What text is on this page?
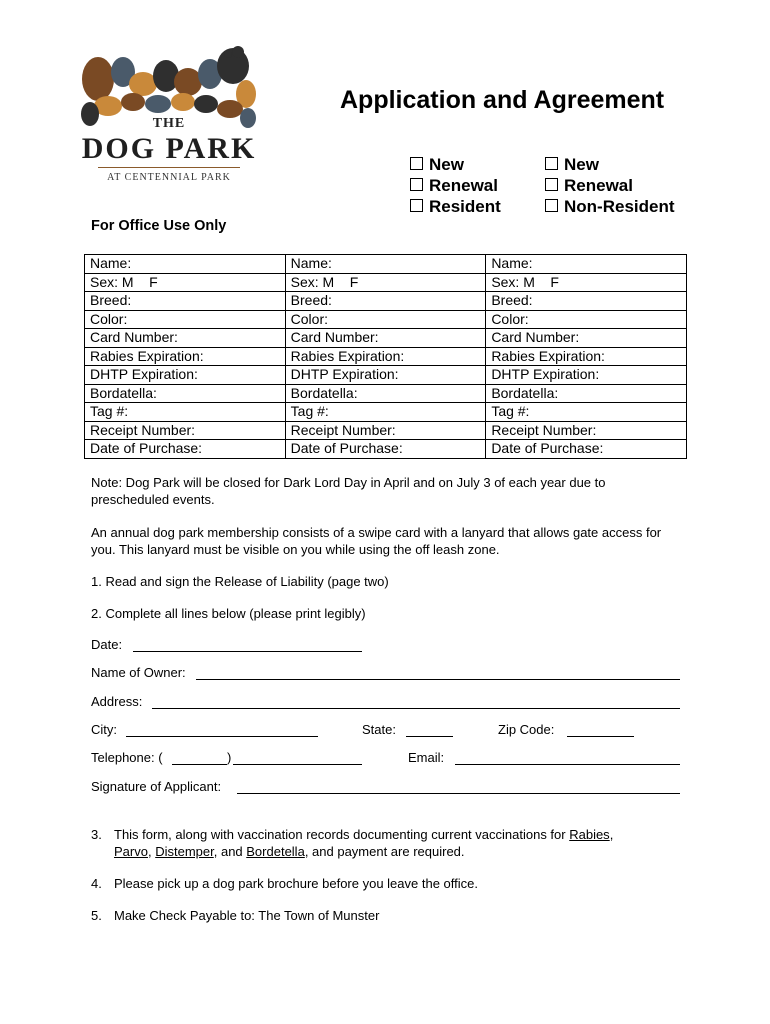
THE
DOG PARK
AT CENTENNIAL PARK
Application and Agreement
New
Renewal
Resident
New
Renewal
Non-Resident
For Office Use Only
Name:	Name:	Name:
Sex: M    F	Sex: M    F	Sex: M    F
Breed:	Breed:	Breed:
Color:	Color:	Color:
Card Number:	Card Number:	Card Number:
Rabies Expiration:	Rabies Expiration:	Rabies Expiration:
DHTP Expiration:	DHTP Expiration:	DHTP Expiration:
Bordatella:	Bordatella:	Bordatella:
Tag #:	Tag #:	Tag #:
Receipt Number:	Receipt Number:	Receipt Number:
Date of Purchase:	Date of Purchase:	Date of Purchase:
Note: Dog Park will be closed for Dark Lord Day in April and on July 3 of each year due to prescheduled events.
An annual dog park membership consists of a swipe card with a lanyard that allows gate access for you. This lanyard must be visible on you while using the off leash zone.
1. Read and sign the Release of Liability (page two)
2. Complete all lines below (please print legibly)
Date:
Name of Owner:
Address:
City:	State:	Zip Code:
Telephone: (	)	Email:
Signature of Applicant:
3. This form, along with vaccination records documenting current vaccinations for Rabies,
Parvo, Distemper, and Bordetella, and payment are required.
4. Please pick up a dog park brochure before you leave the office.
5. Make Check Payable to: The Town of Munster
